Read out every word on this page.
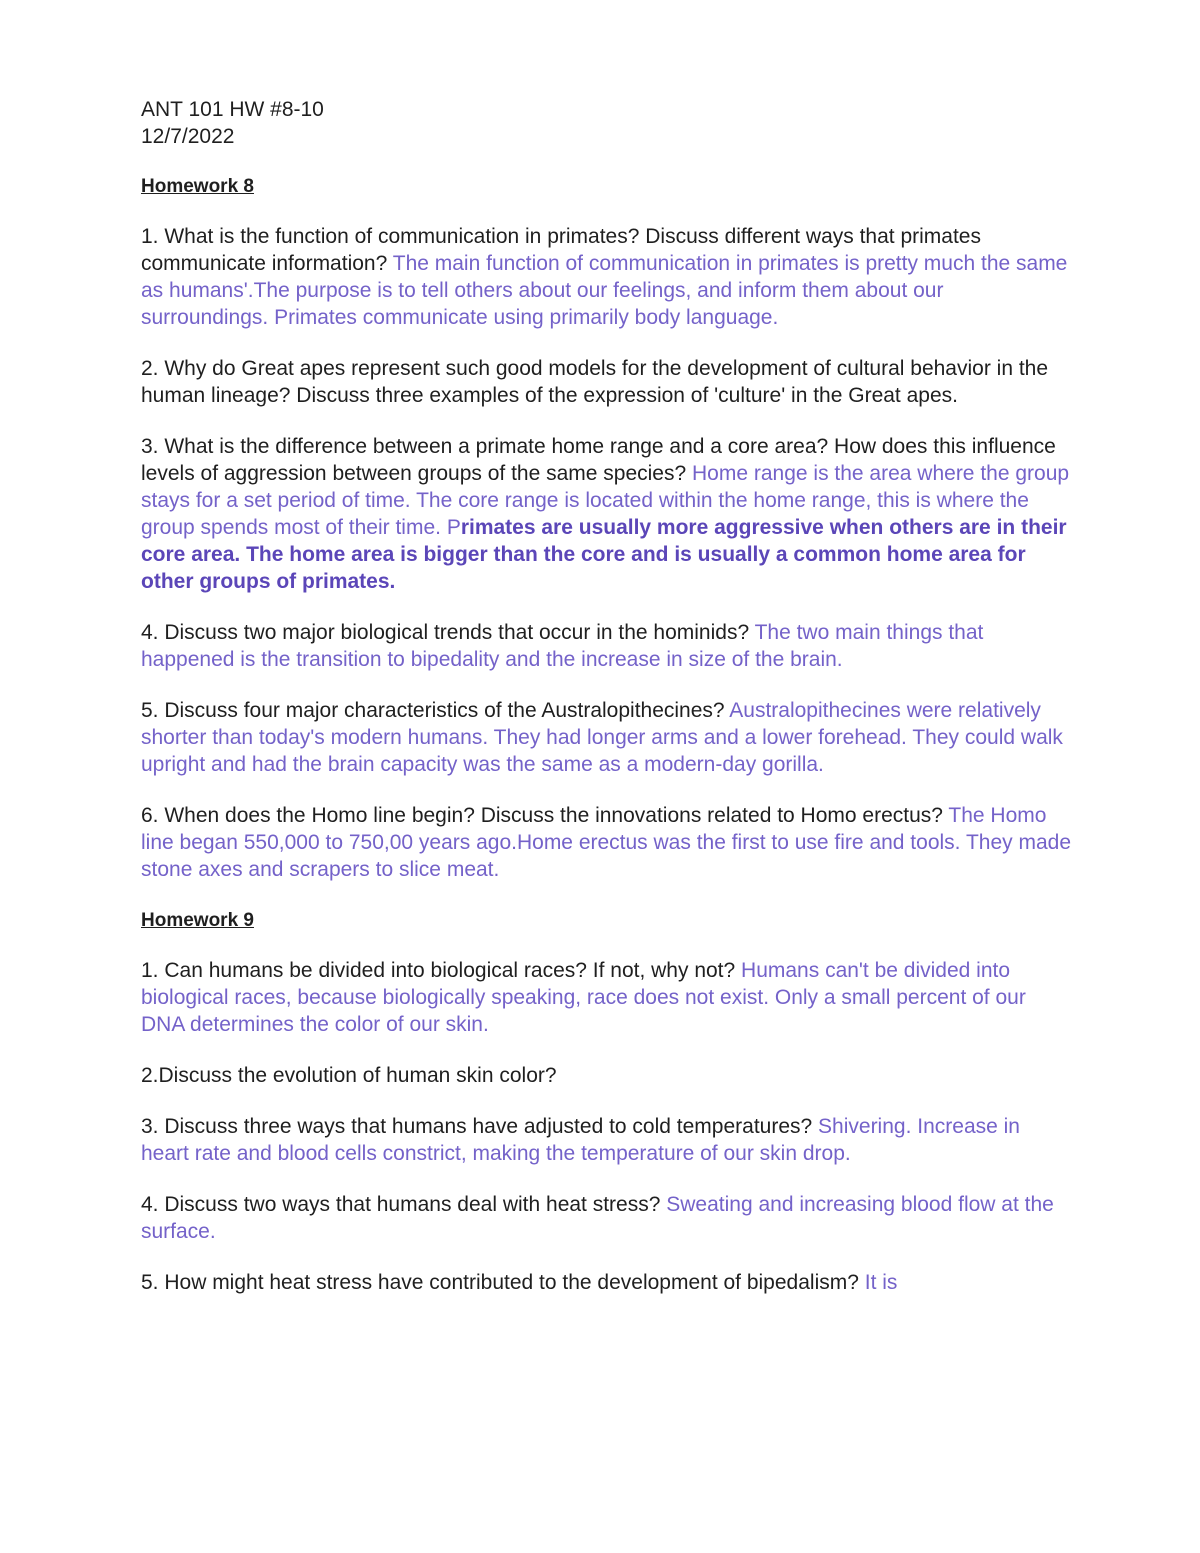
ANT 101 HW #8-10

12/7/2022

Homework 8

1. What is the function of communication in primates? Discuss different ways that primates communicate information? The main function of communication in primates is pretty much the same as humans'.The purpose is to tell others about our feelings, and inform them about our surroundings. Primates communicate using primarily body language.

2. Why do Great apes represent such good models for the development of cultural behavior in the human lineage? Discuss three examples of the expression of 'culture' in the Great apes.

3. What is the difference between a primate home range and a core area? How does this influence levels of aggression between groups of the same species? Home range is the area where the group stays for a set period of time. The core range is located within the home range, this is where the group spends most of their time. Primates are usually more aggressive when others are in their core area. The home area is bigger than the core and is usually a common home area for other groups of primates.

4. Discuss two major biological trends that occur in the hominids? The two main things that happened is the transition to bipedality and the increase in size of the brain.

5. Discuss four major characteristics of the Australopithecines? Australopithecines were relatively shorter than today's modern humans. They had longer arms and a lower forehead. They could walk upright and had the brain capacity was the same as a modern-day gorilla.

6. When does the Homo line begin? Discuss the innovations related to Homo erectus? The Homo line began 550,000 to 750,00 years ago.Home erectus was the first to use fire and tools. They made stone axes and scrapers to slice meat.

Homework 9

1. Can humans be divided into biological races? If not, why not? Humans can't be divided into biological races, because biologically speaking, race does not exist. Only a small percent of our DNA determines the color of our skin.

2.Discuss the evolution of human skin color?

3. Discuss three ways that humans have adjusted to cold temperatures? Shivering. Increase in heart rate and blood cells constrict, making the temperature of our skin drop.

4. Discuss two ways that humans deal with heat stress? Sweating and increasing blood flow at the surface.

5. How might heat stress have contributed to the development of bipedalism? It is
